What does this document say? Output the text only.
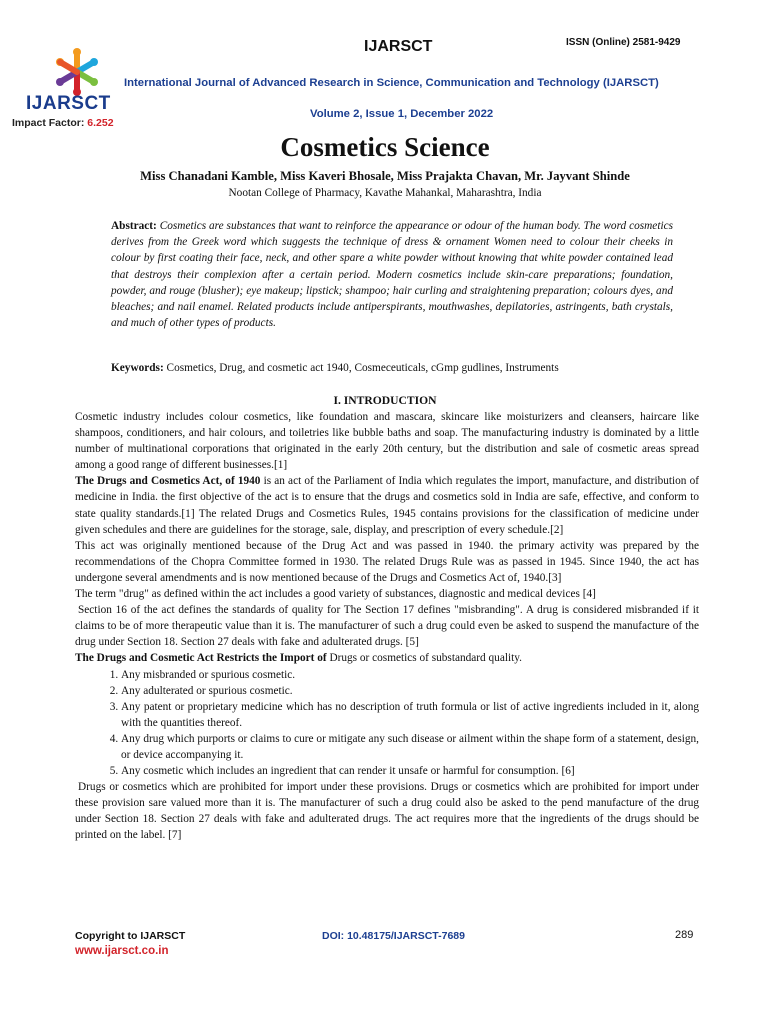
IJARSCT
Impact Factor: 6.252
IJARSCT	ISSN (Online) 2581-9429
International Journal of Advanced Research in Science, Communication and Technology (IJARSCT)
Volume 2, Issue 1, December 2022
Cosmetics Science
Miss Chanadani Kamble, Miss Kaveri Bhosale, Miss Prajakta Chavan, Mr. Jayvant Shinde
Nootan College of Pharmacy, Kavathe Mahankal, Maharashtra, India
Abstract: Cosmetics are substances that want to reinforce the appearance or odour of the human body. The word cosmetics derives from the Greek word which suggests the technique of dress & ornament Women need to colour their cheeks in colour by first coating their face, neck, and other spare a white powder without knowing that white powder contained lead that destroys their complexion after a certain period. Modern cosmetics include skin-care preparations; foundation, powder, and rouge (blusher); eye makeup; lipstick; shampoo; hair curling and straightening preparation; colours dyes, and bleaches; and nail enamel. Related products include antiperspirants, mouthwashes, depilatories, astringents, bath crystals, and much of other types of products.
Keywords: Cosmetics, Drug, and cosmetic act 1940, Cosmeceuticals, cGmp gudlines, Instruments
I. INTRODUCTION

Cosmetic industry includes colour cosmetics, like foundation and mascara, skincare like moisturizers and cleansers, haircare like shampoos, conditioners, and hair colours, and toiletries like bubble baths and soap. The manufacturing industry is dominated by a little number of multinational corporations that originated in the early 20th century, but the distribution and sale of cosmetic areas spread among a good range of different businesses.[1]

The Drugs and Cosmetics Act, of 1940 is an act of the Parliament of India which regulates the import, manufacture, and distribution of medicine in India. the first objective of the act is to ensure that the drugs and cosmetics sold in India are safe, effective, and conform to state quality standards.[1] The related Drugs and Cosmetics Rules, 1945 contains provisions for the classification of medicine under given schedules and there are guidelines for the storage, sale, display, and prescription of every schedule.[2]

This act was originally mentioned because of the Drug Act and was passed in 1940. the primary activity was prepared by the recommendations of the Chopra Committee formed in 1930. The related Drugs Rule was as passed in 1945. Since 1940, the act has undergone several amendments and is now mentioned because of the Drugs and Cosmetics Act of, 1940.[3]

The term "drug" as defined within the act includes a good variety of substances, diagnostic and medical devices [4]

Section 16 of the act defines the standards of quality for The Section 17 defines "misbranding". A drug is considered misbranded if it claims to be of more therapeutic value than it is. The manufacturer of such a drug could even be asked to suspend the manufacture of the drug under Section 18. Section 27 deals with fake and adulterated drugs. [5]

The Drugs and Cosmetic Act Restricts the Import of Drugs or cosmetics of substandard quality.

1. Any misbranded or spurious cosmetic.
2. Any adulterated or spurious cosmetic.
3. Any patent or proprietary medicine which has no description of truth formula or list of active ingredients included in it, along with the quantities thereof.
4. Any drug which purports or claims to cure or mitigate any such disease or ailment within the shape form of a statement, design, or device accompanying it.
5. Any cosmetic which includes an ingredient that can render it unsafe or harmful for consumption. [6]

Drugs or cosmetics which are prohibited for import under these provisions. Drugs or cosmetics which are prohibited for import under these provision sare valued more than it is. The manufacturer of such a drug could also be asked to the pend manufacture of the drug under Section 18. Section 27 deals with fake and adulterated drugs. The act requires more that the ingredients of the drugs should be printed on the label. [7]

Copyright to IJARSCT
www.ijarsct.co.in
DOI: 10.48175/IJARSCT-7689	289
